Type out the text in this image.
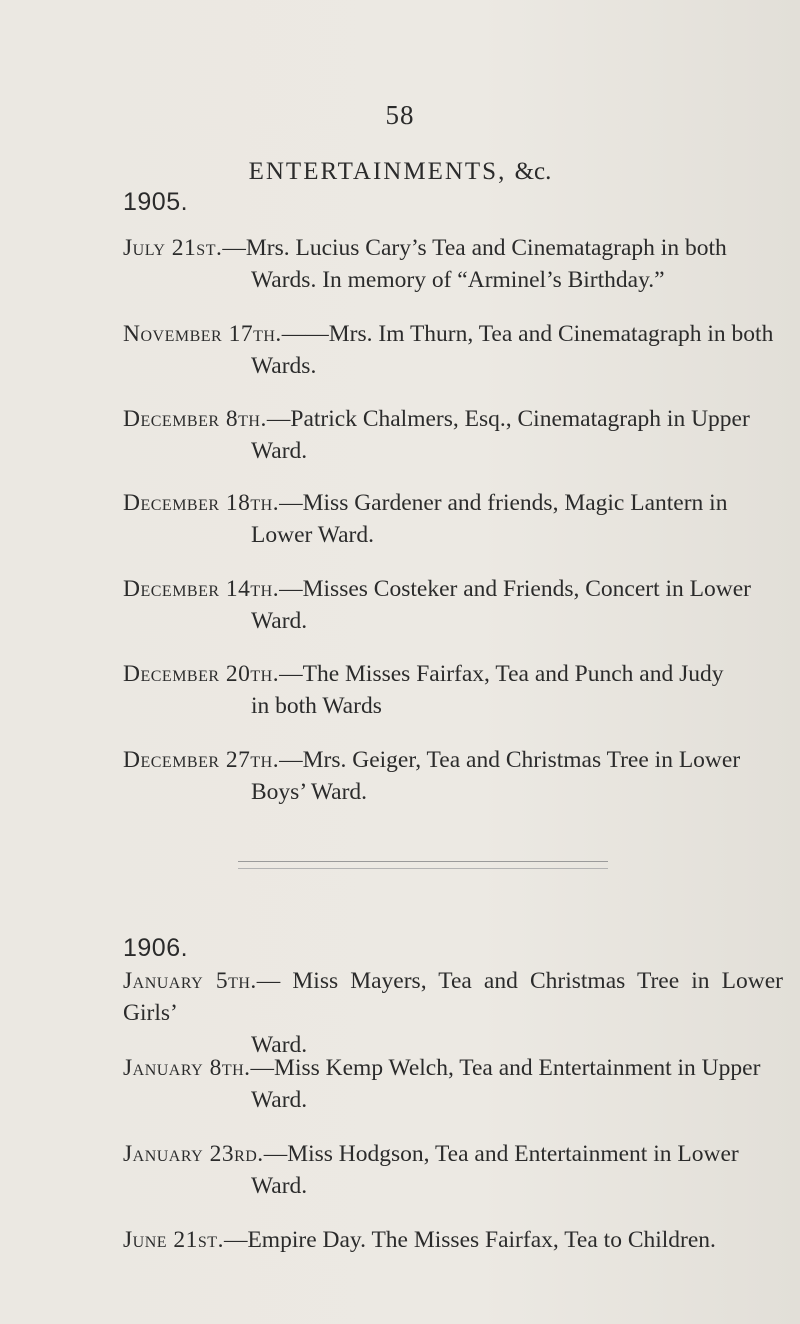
58
ENTERTAINMENTS, &c.
1905.
July 21st.—Mrs. Lucius Cary’s Tea and Cinematagraph in both
Wards. In memory of “Arminel’s Birthday.”
November 17th.——Mrs. Im Thurn, Tea and Cinematagraph in both
Wards.
December 8th.—Patrick Chalmers, Esq., Cinematagraph in Upper
Ward.
December 18th.—Miss Gardener and friends, Magic Lantern in
Lower Ward.
December 14th.—Misses Costeker and Friends, Concert in Lower
Ward.
December 20th.—The Misses Fairfax, Tea and Punch and Judy
in both Wards
December 27th.—Mrs. Geiger, Tea and Christmas Tree in Lower
Boys’ Ward.
1906.
January 5th.— Miss Mayers, Tea and Christmas Tree in Lower Girls’
Ward.
January 8th.—Miss Kemp Welch, Tea and Entertainment in Upper
Ward.
January 23rd.—Miss Hodgson, Tea and Entertainment in Lower
Ward.
June 21st.—Empire Day. The Misses Fairfax, Tea to Children.
